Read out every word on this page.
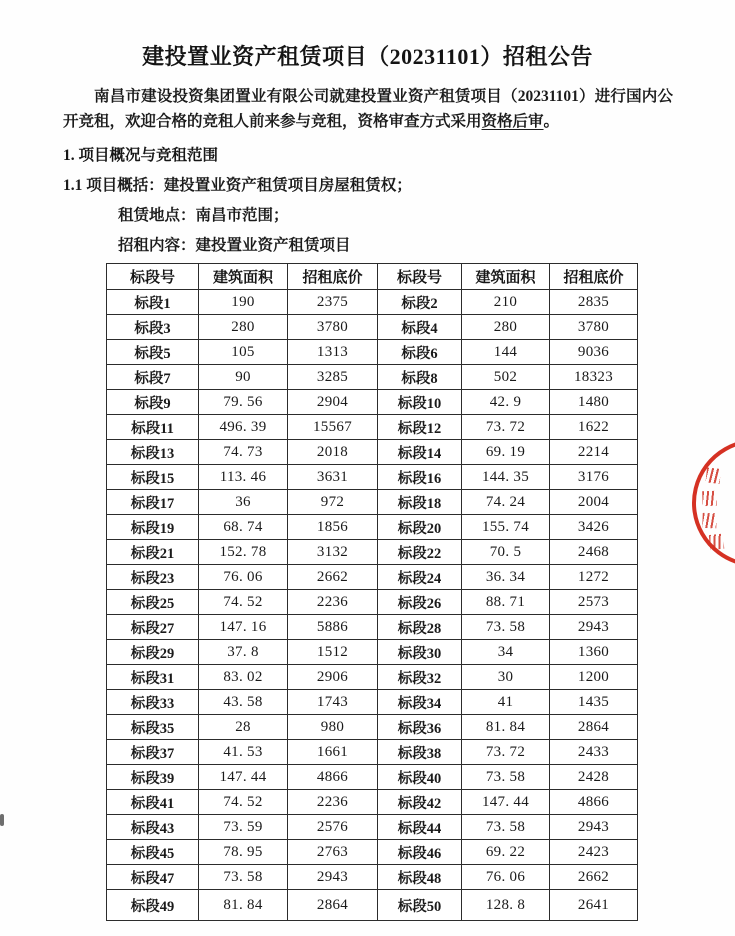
建投置业资产租赁项目（20231101）招租公告

南昌市建设投资集团置业有限公司就建投置业资产租赁项目（20231101）进行国内公开竞租，欢迎合格的竞租人前来参与竞租，资格审查方式采用资格后审。

1. 项目概况与竞租范围
1.1 项目概括：建投置业资产租赁项目房屋租赁权；
租赁地点：南昌市范围；
招租内容：建投置业资产租赁项目
标段号	建筑面积	招租底价	标段号	建筑面积	招租底价
标段1	190	2375	标段2	210	2835
标段3	280	3780	标段4	280	3780
标段5	105	1313	标段6	144	9036
标段7	90	3285	标段8	502	18323
标段9	79. 56	2904	标段10	42. 9	1480
标段11	496. 39	15567	标段12	73. 72	1622
标段13	74. 73	2018	标段14	69. 19	2214
标段15	113. 46	3631	标段16	144. 35	3176
标段17	36	972	标段18	74. 24	2004
标段19	68. 74	1856	标段20	155. 74	3426
标段21	152. 78	3132	标段22	70. 5	2468
标段23	76. 06	2662	标段24	36. 34	1272
标段25	74. 52	2236	标段26	88. 71	2573
标段27	147. 16	5886	标段28	73. 58	2943
标段29	37. 8	1512	标段30	34	1360
标段31	83. 02	2906	标段32	30	1200
标段33	43. 58	1743	标段34	41	1435
标段35	28	980	标段36	81. 84	2864
标段37	41. 53	1661	标段38	73. 72	2433
标段39	147. 44	4866	标段40	73. 58	2428
标段41	74. 52	2236	标段42	147. 44	4866
标段43	73. 59	2576	标段44	73. 58	2943
标段45	78. 95	2763	标段46	69. 22	2423
标段47	73. 58	2943	标段48	76. 06	2662
标段49	81. 84	2864	标段50	128. 8	2641
